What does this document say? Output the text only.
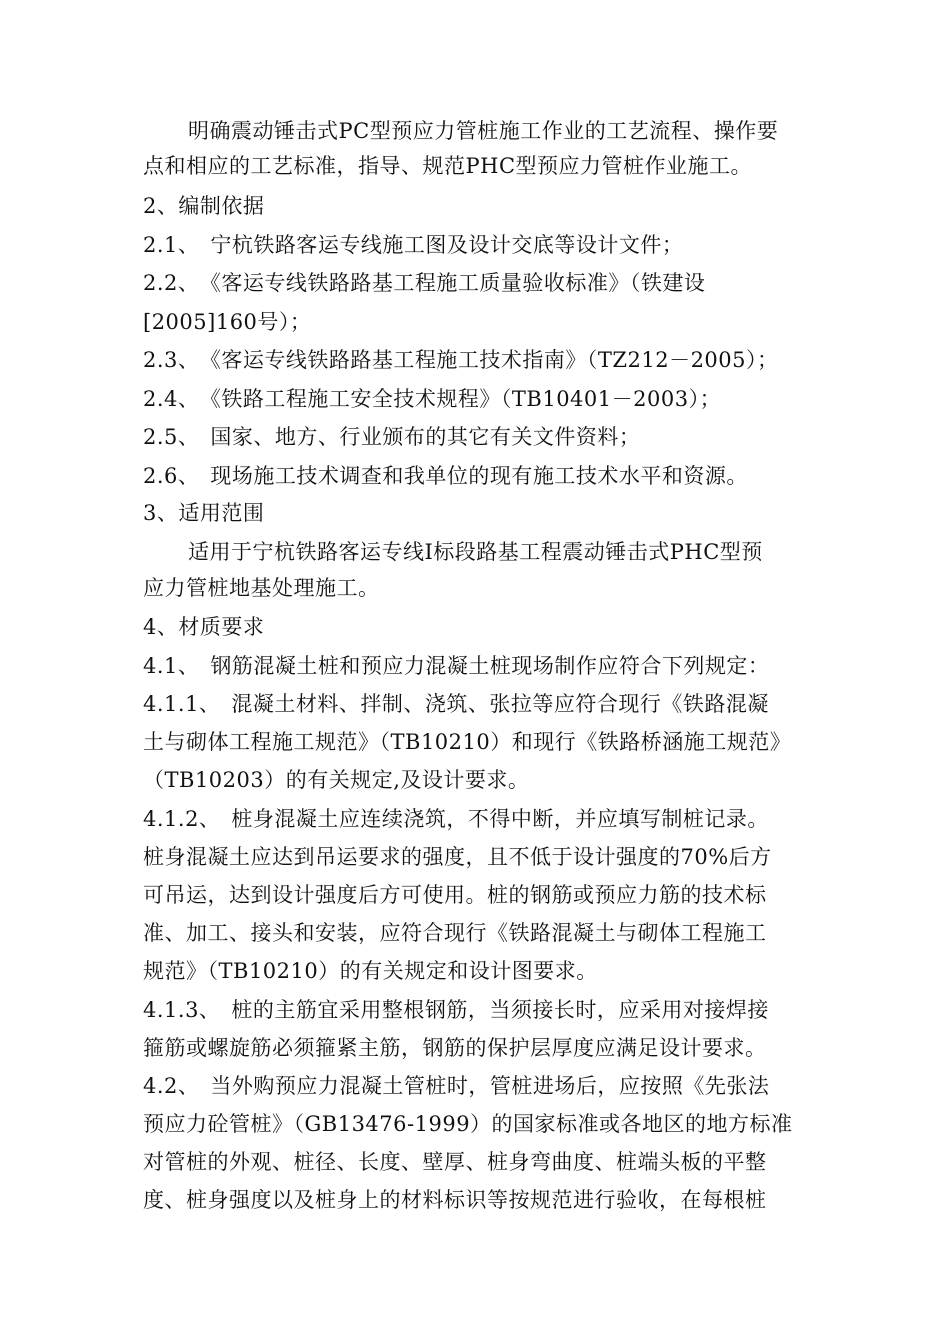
明确震动锤击式PC型预应力管桩施工作业的工艺流程、操作要
点和相应的工艺标准，指导、规范PHC型预应力管桩作业施工。
2、编制依据
2.1、　宁杭铁路客运专线施工图及设计交底等设计文件；
2.2、　《客运专线铁路路基工程施工质量验收标准》（铁建设
[2005]160号）；
2.3、　《客运专线铁路路基工程施工技术指南》（TZ212－2005）；
2.4、　《铁路工程施工安全技术规程》（TB10401－2003）；
2.5、　国家、地方、行业颁布的其它有关文件资料；
2.6、　现场施工技术调查和我单位的现有施工技术水平和资源。
3、适用范围
适用于宁杭铁路客运专线Ⅰ标段路基工程震动锤击式PHC型预
应力管桩地基处理施工。
4、材质要求
4.1、　钢筋混凝土桩和预应力混凝土桩现场制作应符合下列规定：
4.1.1、　混凝土材料、拌制、浇筑、张拉等应符合现行《铁路混凝
土与砌体工程施工规范》（TB10210）和现行《铁路桥涵施工规范》
（TB10203）的有关规定,及设计要求。
4.1.2、　桩身混凝土应连续浇筑，不得中断，并应填写制桩记录。
桩身混凝土应达到吊运要求的强度，且不低于设计强度的70%后方
可吊运，达到设计强度后方可使用。桩的钢筋或预应力筋的技术标
准、加工、接头和安装，应符合现行《铁路混凝土与砌体工程施工
规范》（TB10210）的有关规定和设计图要求。
4.1.3、　桩的主筋宜采用整根钢筋，当须接长时，应采用对接焊接
箍筋或螺旋筋必须箍紧主筋，钢筋的保护层厚度应满足设计要求。
4.2、　当外购预应力混凝土管桩时，管桩进场后，应按照《先张法
预应力砼管桩》（GB13476-1999）的国家标准或各地区的地方标准
对管桩的外观、桩径、长度、壁厚、桩身弯曲度、桩端头板的平整
度、桩身强度以及桩身上的材料标识等按规范进行验收，在每根桩
